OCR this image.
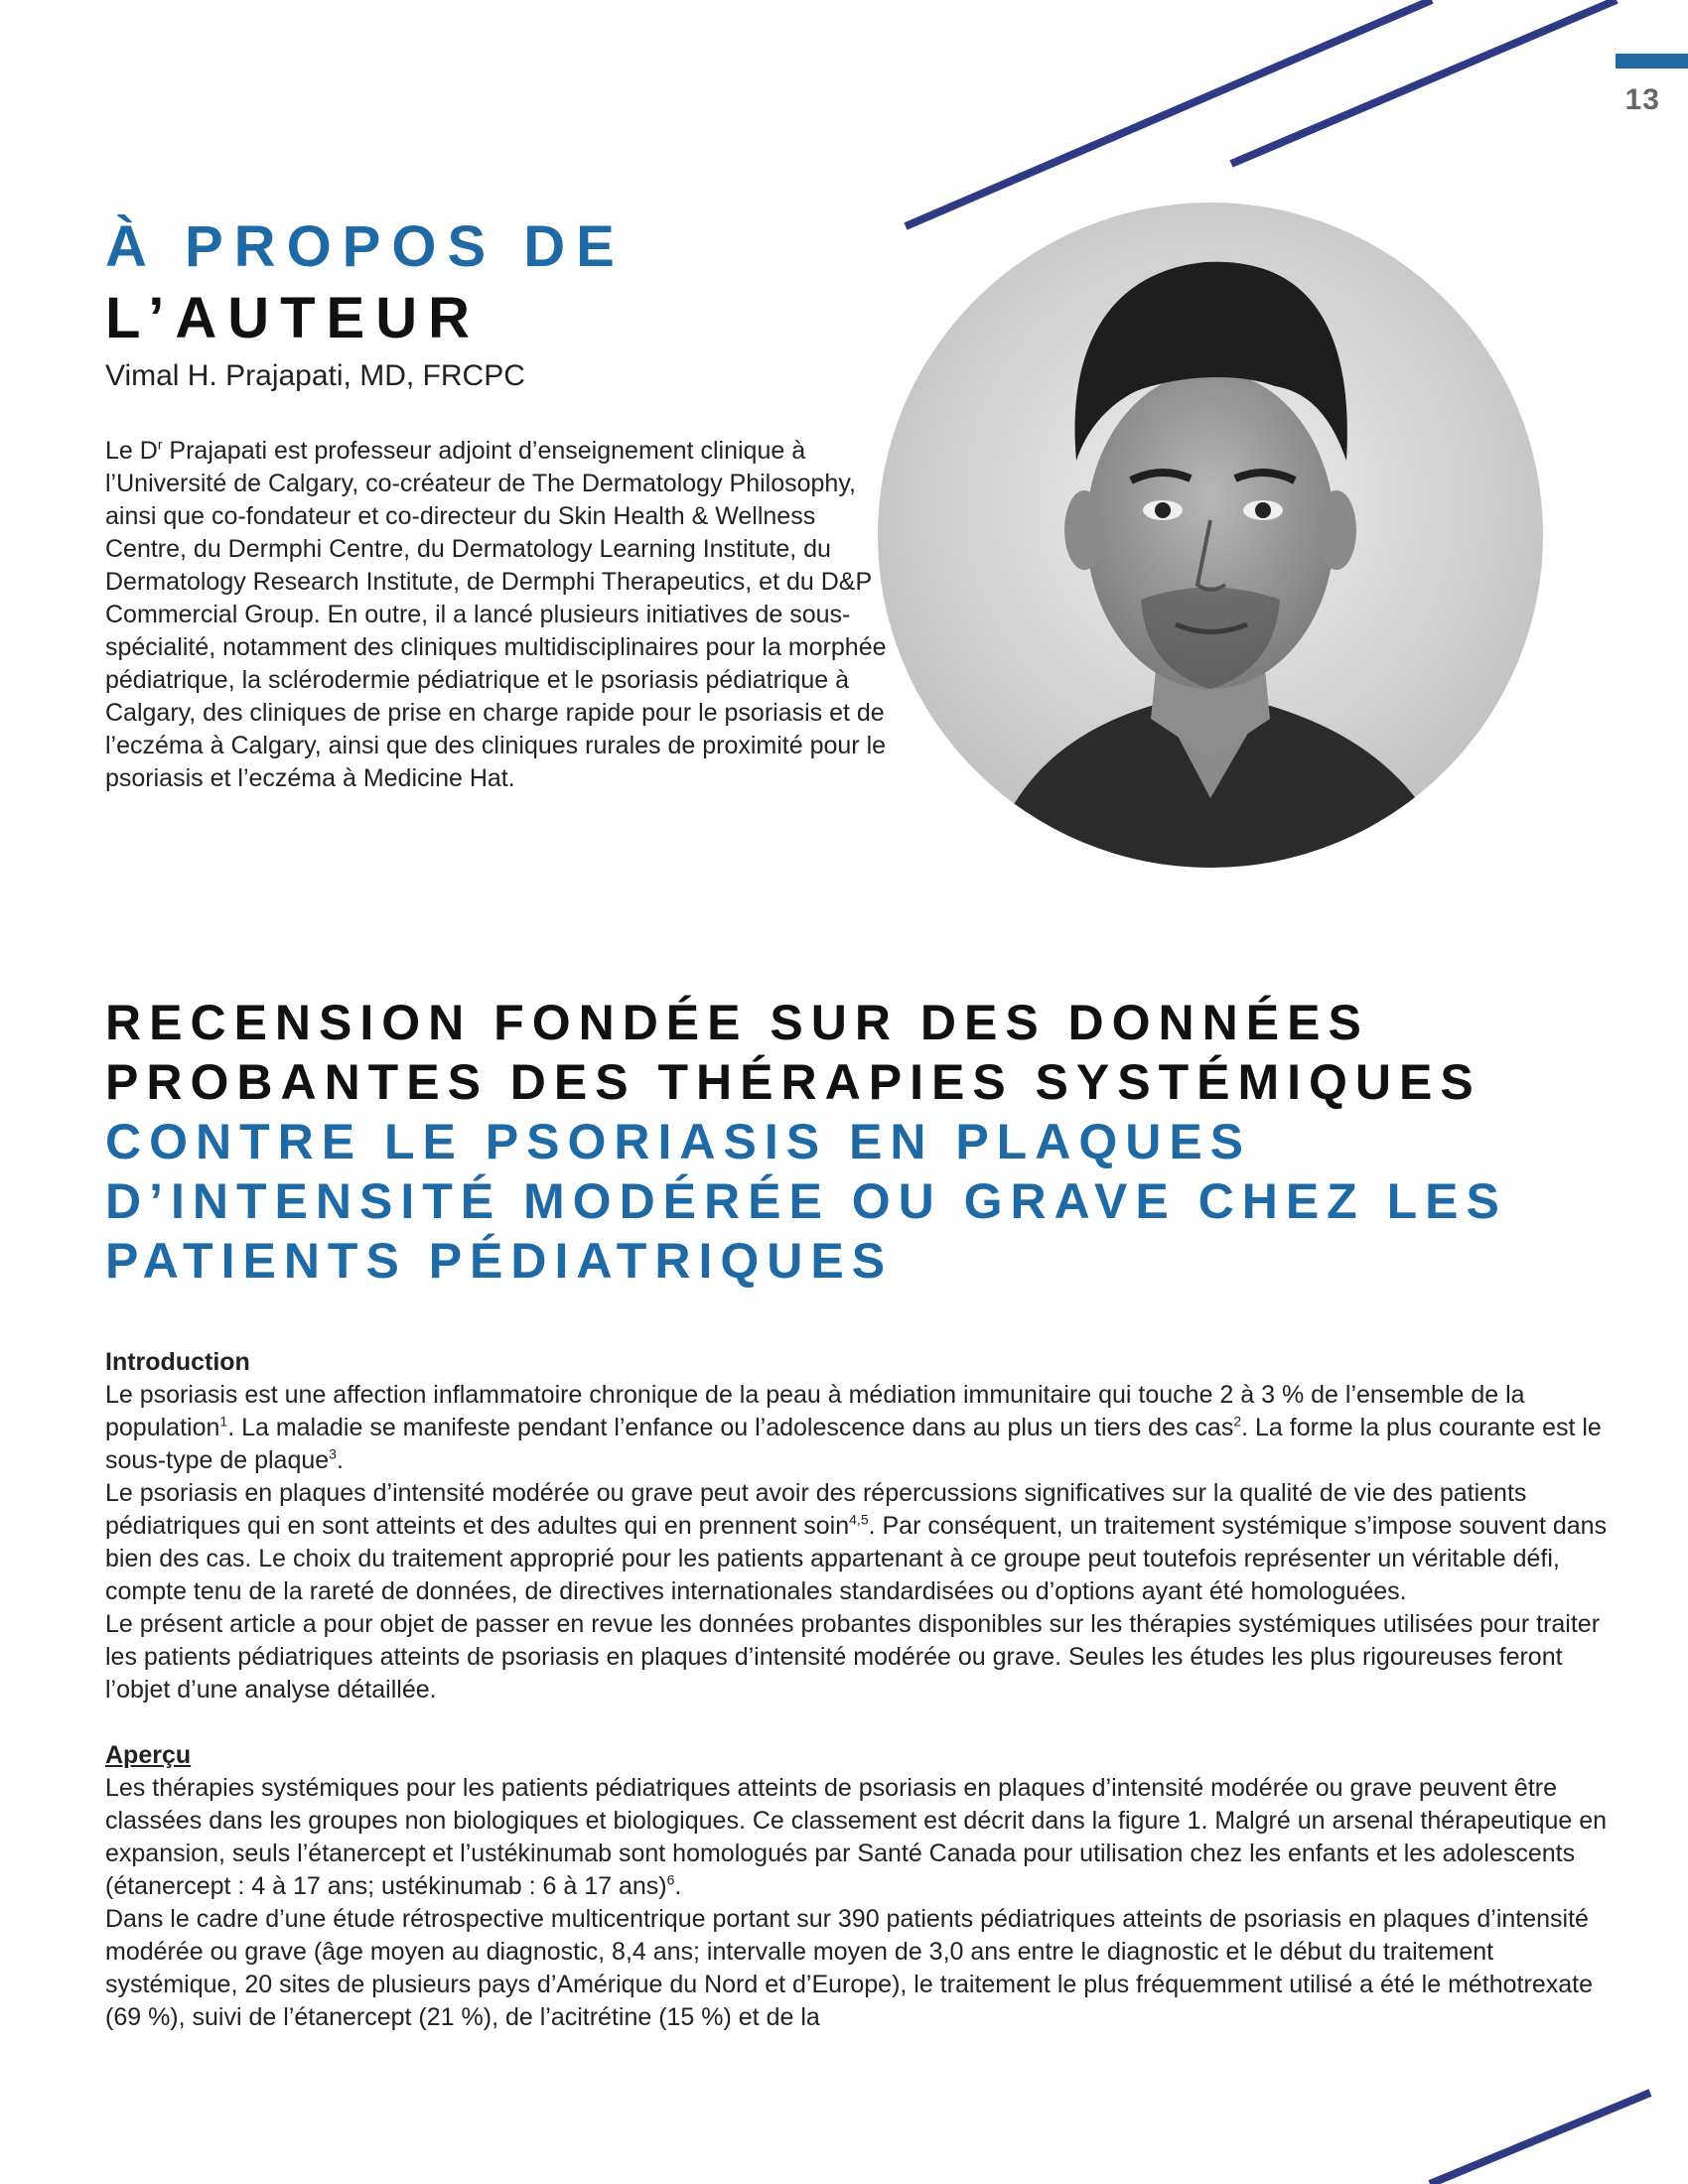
13
À PROPOS DE
L’AUTEUR
Vimal H. Prajapati, MD, FRCPC
Le $D^r$ Prajapati est professeur adjoint d’enseignement clinique à l’Université de Calgary, co-créateur de The Dermatology Philosophy, ainsi que co-fondateur et co-directeur du Skin Health & Wellness Centre, du Dermphi Centre, du Dermatology Learning Institute, du Dermatology Research Institute, de Dermphi Therapeutics, et du D&P Commercial Group. En outre, il a lancé plusieurs initiatives de sous-spécialité, notamment des cliniques multidisciplinaires pour la morphée pédiatrique, la sclérodermie pédiatrique et le psoriasis pédiatrique à Calgary, des cliniques de prise en charge rapide pour le psoriasis et de l’eczéma à Calgary, ainsi que des cliniques rurales de proximité pour le psoriasis et l’eczéma à Medicine Hat.
RECENSION FONDÉE SUR DES DONNÉES
PROBANTES DES THÉRAPIES SYSTÉMIQUES
CONTRE LE PSORIASIS EN PLAQUES
D’INTENSITÉ MODÉRÉE OU GRAVE CHEZ LES
PATIENTS PÉDIATRIQUES

Introduction

Le psoriasis est une affection inflammatoire chronique de la peau à médiation immunitaire qui touche 2 à 3 % de l’ensemble de la population$^1$. La maladie se manifeste pendant l’enfance ou l’adolescence dans au plus un tiers des cas$^2$. La forme la plus courante est le sous-type de plaque$^3$.

Le psoriasis en plaques d’intensité modérée ou grave peut avoir des répercussions significatives sur la qualité de vie des patients pédiatriques qui en sont atteints et des adultes qui en prennent soin$^{4,5}$. Par conséquent, un traitement systémique s’impose souvent dans bien des cas. Le choix du traitement approprié pour les patients appartenant à ce groupe peut toutefois représenter un véritable défi, compte tenu de la rareté de données, de directives internationales standardisées ou d’options ayant été homologuées.

Le présent article a pour objet de passer en revue les données probantes disponibles sur les thérapies systémiques utilisées pour traiter les patients pédiatriques atteints de psoriasis en plaques d’intensité modérée ou grave. Seules les études les plus rigoureuses feront l’objet d’une analyse détaillée.

Aperçu

Les thérapies systémiques pour les patients pédiatriques atteints de psoriasis en plaques d’intensité modérée ou grave peuvent être classées dans les groupes non biologiques et biologiques. Ce classement est décrit dans la figure 1. Malgré un arsenal thérapeutique en expansion, seuls l’étanercept et l’ustékinumab sont homologués par Santé Canada pour utilisation chez les enfants et les adolescents (étanercept : 4 à 17 ans; ustékinumab : 6 à 17 ans)$^6$.

Dans le cadre d’une étude rétrospective multicentrique portant sur 390 patients pédiatriques atteints de psoriasis en plaques d’intensité modérée ou grave (âge moyen au diagnostic, 8,4 ans; intervalle moyen de 3,0 ans entre le diagnostic et le début du traitement systémique, 20 sites de plusieurs pays d’Amérique du Nord et d’Europe), le traitement le plus fréquemment utilisé a été le méthotrexate (69 %), suivi de l’étanercept (21 %), de l’acitrétine (15 %) et de la
